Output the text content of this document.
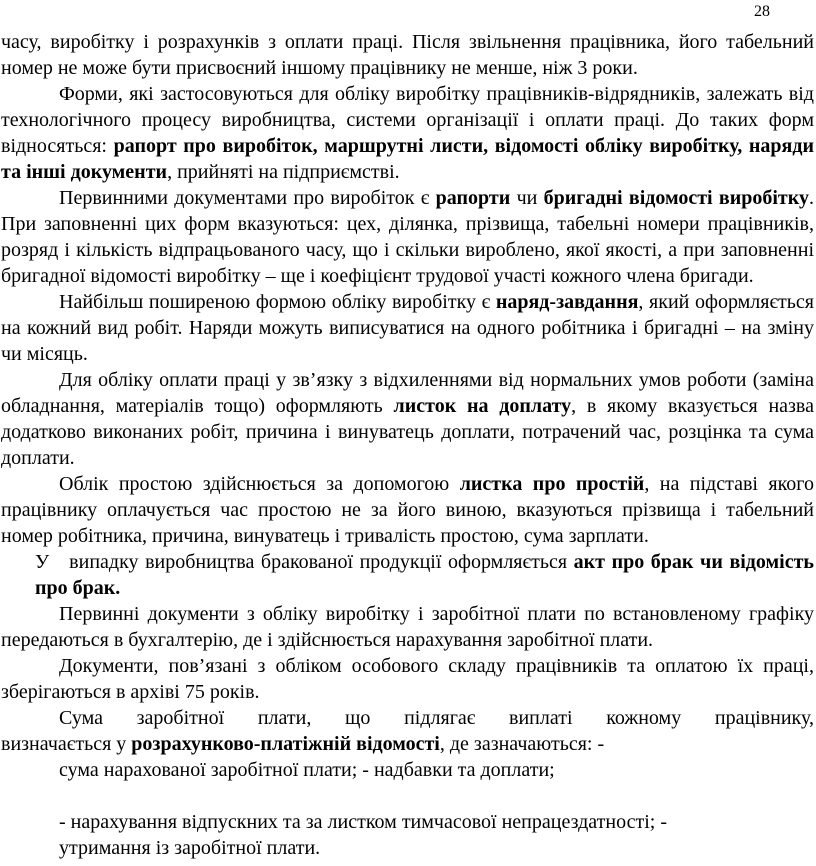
28

часу, виробітку і розрахунків з оплати праці. Після звільнення працівника, його табельний номер не може бути присвоєний іншому працівнику не менше, ніж 3 роки.

Форми, які застосовуються для обліку виробітку працівників-відрядників, залежать від технологічного процесу виробництва, системи організації і оплати праці. До таких форм відносяться: рапорт про виробіток, маршрутні листи, відомості обліку виробітку, наряди та інші документи, прийняті на підприємстві.

Первинними документами про виробіток є рапорти чи бригадні відомості виробітку. При заповненні цих форм вказуються: цех, ділянка, прізвища, табельні номери працівників, розряд і кількість відпрацьованого часу, що і скільки вироблено, якої якості, а при заповненні бригадної відомості виробітку – ще і коефіцієнт трудової участі кожного члена бригади.

Найбільш поширеною формою обліку виробітку є наряд-завдання, який оформляється на кожний вид робіт. Наряди можуть виписуватися на одного робітника і бригадні – на зміну чи місяць.

Для обліку оплати праці у зв’язку з відхиленнями від нормальних умов роботи (заміна обладнання, матеріалів тощо) оформляють листок на доплату, в якому вказується назва додатково виконаних робіт, причина і винуватець доплати, потрачений час, розцінка та сума доплати.

Облік простою здійснюється за допомогою листка про простій, на підставі якого працівнику оплачується час простою не за його виною, вказуються прізвища і табельний номер робітника, причина, винуватець і тривалість простою, сума зарплати.

У випадку виробництва бракованої продукції оформляється акт про брак чи відомість про брак.

Первинні документи з обліку виробітку і заробітної плати по встановленому графіку передаються в бухгалтерію, де і здійснюється нарахування заробітної плати.

Документи, пов’язані з обліком особового складу працівників та оплатою їх праці, зберігаються в архіві 75 років.

Сума заробітної плати, що підлягає виплаті кожному працівнику,

визначається у розрахунково-платіжній відомості, де зазначаються: -

сума нарахованої заробітної плати; - надбавки та доплати;

- нарахування відпускних та за листком тимчасової непрацездатності; -

утримання із заробітної плати.
